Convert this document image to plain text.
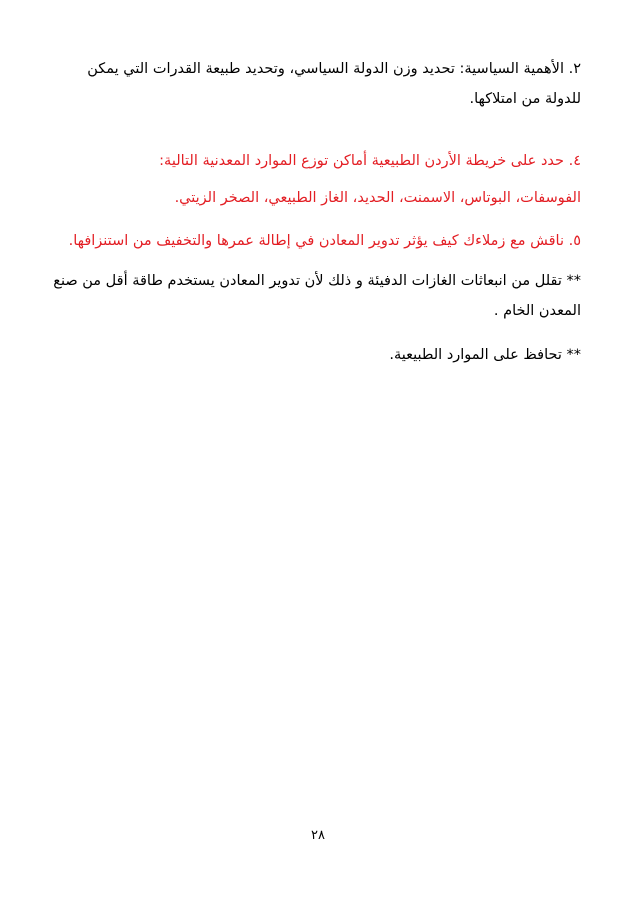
٢. الأهمية السياسية: تحديد وزن الدولة السياسي، وتحديد طبيعة القدرات التي يمكن للدولة من امتلاكها.

٤. حدد على خريطة الأردن الطبيعية أماكن توزع الموارد المعدنية التالية:

الفوسفات، البوتاس، الاسمنت، الحديد، الغاز الطبيعي، الصخر الزيتي.

٥. ناقش مع زملاءك كيف يؤثر تدوير المعادن في إطالة عمرها والتخفيف من استنزافها.

** تقلل من انبعاثات الغازات الدفيئة و ذلك لأن تدوير المعادن يستخدم طاقة أقل من صنع المعدن الخام .

** تحافظ على الموارد الطبيعية.

٢٨
